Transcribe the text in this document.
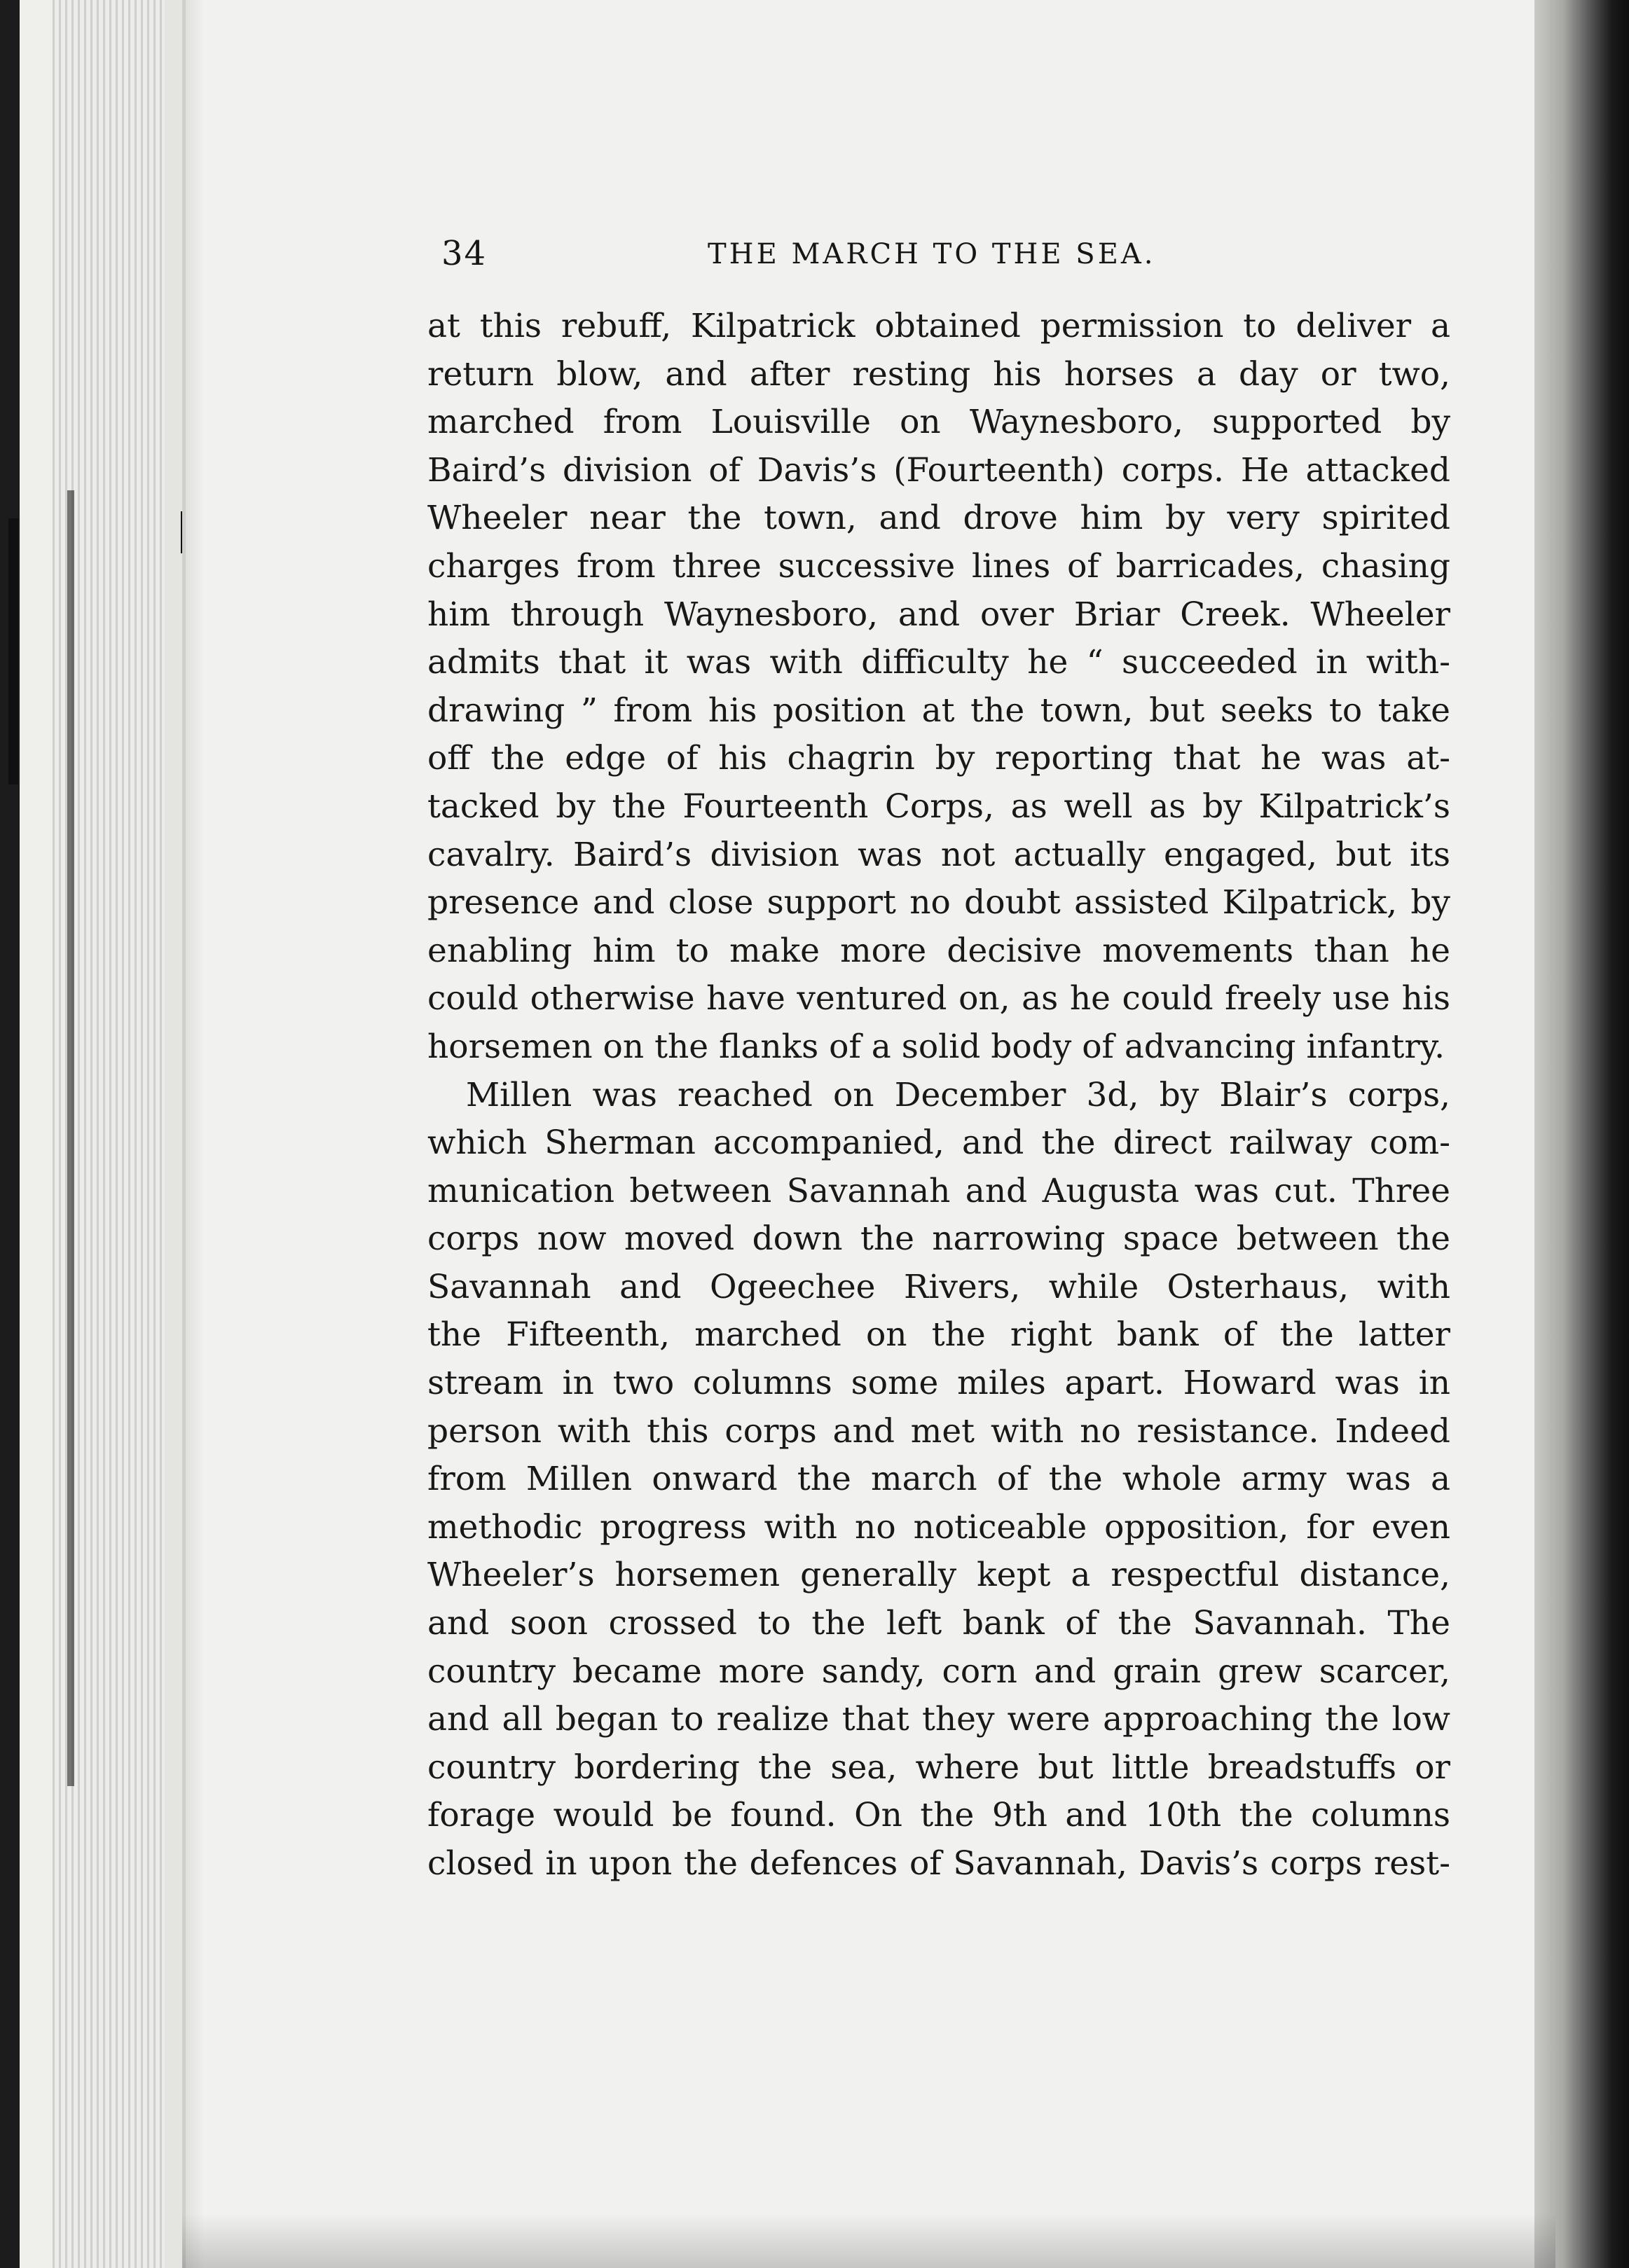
34	THE MARCH TO THE SEA.
at this rebuff, Kilpatrick obtained permission to deliver a
return blow, and after resting his horses a day or two,
marched from Louisville on Waynesboro, supported by
Baird’s division of Davis’s (Fourteenth) corps. He attacked
Wheeler near the town, and drove him by very spirited
charges from three successive lines of barricades, chasing
him through Waynesboro, and over Briar Creek. Wheeler
admits that it was with difficulty he “ succeeded in with-
drawing ” from his position at the town, but seeks to take
off the edge of his chagrin by reporting that he was at-
tacked by the Fourteenth Corps, as well as by Kilpatrick’s
cavalry. Baird’s division was not actually engaged, but its
presence and close support no doubt assisted Kilpatrick, by
enabling him to make more decisive movements than he
could otherwise have ventured on, as he could freely use his
horsemen on the flanks of a solid body of advancing infantry.
Millen was reached on December 3d, by Blair’s corps,
which Sherman accompanied, and the direct railway com-
munication between Savannah and Augusta was cut. Three
corps now moved down the narrowing space between the
Savannah and Ogeechee Rivers, while Osterhaus, with
the Fifteenth, marched on the right bank of the latter
stream in two columns some miles apart. Howard was in
person with this corps and met with no resistance. Indeed
from Millen onward the march of the whole army was a
methodic progress with no noticeable opposition, for even
Wheeler’s horsemen generally kept a respectful distance,
and soon crossed to the left bank of the Savannah. The
country became more sandy, corn and grain grew scarcer,
and all began to realize that they were approaching the low
country bordering the sea, where but little breadstuffs or
forage would be found. On the 9th and 10th the columns
closed in upon the defences of Savannah, Davis’s corps rest-
